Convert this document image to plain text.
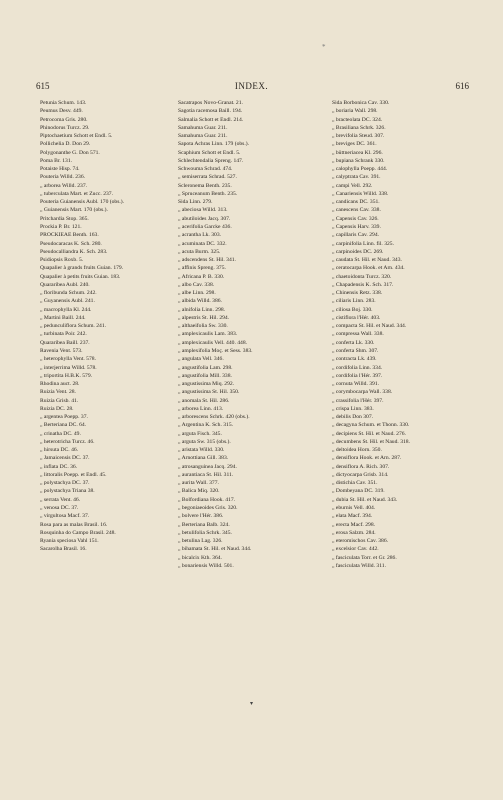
*
615	INDEX.	616
Petunia Schum. 143.
Peumus Desv. 449.
Petrocoma Gris. 280.
Phinodorus Turcz. 29.
Piptochaetium Schott et Endl. 5.
Pollichelia D. Don 29.
Polygonanthe G. Don 571.
Poma Br. 131.
Potaiste Hisp. 74.
Pouteria Willd. 236.
„ arborea Willd. 237.
„ tuberculata Mart. et Zucc. 237.
Pouteria Guianensis Aubl. 170 (obs.).
„ Guianensis Mart. 170 (obs.).
Pritchardia Stop. 365.
Prockia P. Br. 121.
PROCKIEAE Benth. 163.
Pseudocaracas K. Sch. 280.
Pseudocalliandra K. Sch. 283.
Psidiopsis Roxb. 5.
Quapalier à grands fruits Guian. 179.
Quapalier à petits fruits Guian. 183.
Quararibea Aubl. 240.
„ floribunda Schum. 242.
„ Guyanensis Aubl. 241.
„ macrophylla Kl. 244.
„ Martini Baill. 244.
„ pedunculiflora Schum. 241.
„ turbinata Poir. 242.
Quararibea Baill. 237.
Ravenia Vent. 573.
„ heterophylla Vent. 578.
„ interjerrima Willd. 578.
„ triportita H.B.K. 579.
Rhodina auct. 28.
Ruizia Vent. 28.
Ruizia Grisb. 41.
Ruizia DC. 28.
„ argentea Poepp. 37.
„ Berteriana DC. 64.
„ crinatha DC. 49.
„ heterotricha Turcz. 46.
„ hirsuta DC. 46.
„ Jamaicensis DC. 37.
„ inflata DC. 36.
„ littoralis Poepp. et Endl. 45.
„ polystachya DC. 37.
„ polystachya Triana 38.
„ serrata Vent. 46.
„ venosa DC. 37.
„ virgultosa Macf. 37.
Rosa para as malas Brasil. 16.
Rosquinha do Campo Brasil. 248.
Ryania speciosa Vahl 151.
Sacarolha Brasil. 16.
Sacatrapos Novo-Granat. 21.
Sagotia racemosa Baill. 194.
Salmalia Schott et Endl. 214.
Samahuma Guar. 211.
Samahuma Guar. 211.
Sapota Achras Linn. 179 (obs.).
Scaphium Schott et Endl. 5.
Schlechtendalia Spreng. 147.
Schwouma Schrad. 474.
„ semiserrata Schrad. 527.
Scleronema Benth. 235.
„ Spruceanum Benth. 235.
Sida Linn. 279.
„ abeciosa Willd. 313.
„ abutiloides Jacq. 307.
„ acerifolia Garcke 436.
„ acrantha Lk. 303.
„ acuminata DC. 332.
„ acuta Burm. 325.
„ adscendens St. Hil. 341.
„ affinis Spreng. 375.
„ Africana P. B. 330.
„ albo Cav. 338.
„ albe Linn. 298.
„ albida Willd. 386.
„ alnifolia Linn. 298.
„ alpestris St. Hil. 294.
„ althaeifolia Sw. 330.
„ amplexicaulis Lam. 383.
„ amplexicaulis Vell. 440. 448.
„ amplexifolia Moç. et Sess. 383.
„ angulata Vell. 346.
„ angustifolia Lam. 298.
„ angustifolia Mill. 338.
„ angustissima Miq. 292.
„ angustissima St. Hil. 350.
„ anomala St. Hil. 286.
„ arborea Linn. 413.
„ arborescens Schrk. 420 (obs.).
„ Argentina K. Sch. 315.
„ arguta Fisch. 345.
„ arguta Sw. 315 (obs.).
„ aristata Willd. 330.
„ Arnottiana Gill. 383.
„ atrosanguinea Jacq. 294.
„ aurantiaca St. Hil. 311.
„ aurita Wall. 377.
„ Balica Miq. 320.
„ Bolfordiana Hook. 417.
„ begoniaeoides Gris. 320.
„ bolvere l'Hér. 386.
„ Berteriana Balb. 324.
„ betulifolia Schrk. 345.
„ betulina Lag. 326.
„ bihamata St. Hil. et Naud. 344.
„ bicalcix Kth. 364.
„ bonariensis Willd. 501.
Sida Borbonica Cav. 330.
„ boriaria Wall. 298.
„ bracteolata DC. 324.
„ Brasiliana Schrk. 326.
„ brevifolia Steud. 307.
„ breviges DC. 361.
„ büttneriacea Kl. 296.
„ bupiana Schrank 330.
„ calophylla Poepp. 444.
„ calyptrata Cav. 391.
„ campi Vell. 292.
„ Canariensis Willd. 338.
„ candicans DC. 351.
„ canescens Cav. 338.
„ Capensis Cav. 326.
„ Capensis Harv. 339.
„ capillaris Cav. 294.
„ carpinifolia Linn. fil. 325.
„ carpinoides DC. 269.
„ caudata St. Hil. et Naud. 343.
„ ceratocarpa Hook. et Arn. 434.
„ chaetoidonta Turcz. 320.
„ Chapadensis K. Sch. 317.
„ Chinensis Retz. 338.
„ ciliaris Linn. 283.
„ ciliosa Boj. 330.
„ cistiflora l'Hér. 403.
„ compacta St. Hil. et Naud. 344.
„ compressa Wall. 338.
„ conferta Lk. 330.
„ conferta Shm. 307.
„ contracta Lk. 439.
„ cordifolia Linn. 334.
„ cordifolia l'Hér. 397.
„ cornuta Willd. 391.
„ corymbocarpa Wall. 338.
„ crassifolia l'Hér. 397.
„ crispa Linn. 383.
„ debilis Don 307.
„ decagyna Schum. et Thonn. 330.
„ decipiens St. Hil. et Naud. 276.
„ decumbens St. Hil. et Naud. 318.
„ deltoidea Horn. 350.
„ densiflora Hook. et Arn. 287.
„ densiflora A. Rich. 307.
„ dictyocarpa Grisb. 314.
„ distichia Cav. 351.
„ Dombeyana DC. 319.
„ dubia St. Hil. et Naud. 343.
„ eburnis Vell. 404.
„ elata Macf. 394.
„ erecta Macf. 298.
„ erosa Salzm. 284.
„ eteromischos Cav. 386.
„ excelsior Cav. 442.
„ fasciculata Torr. et Gr. 286.
„ fasciculata Willd. 311.
▾
